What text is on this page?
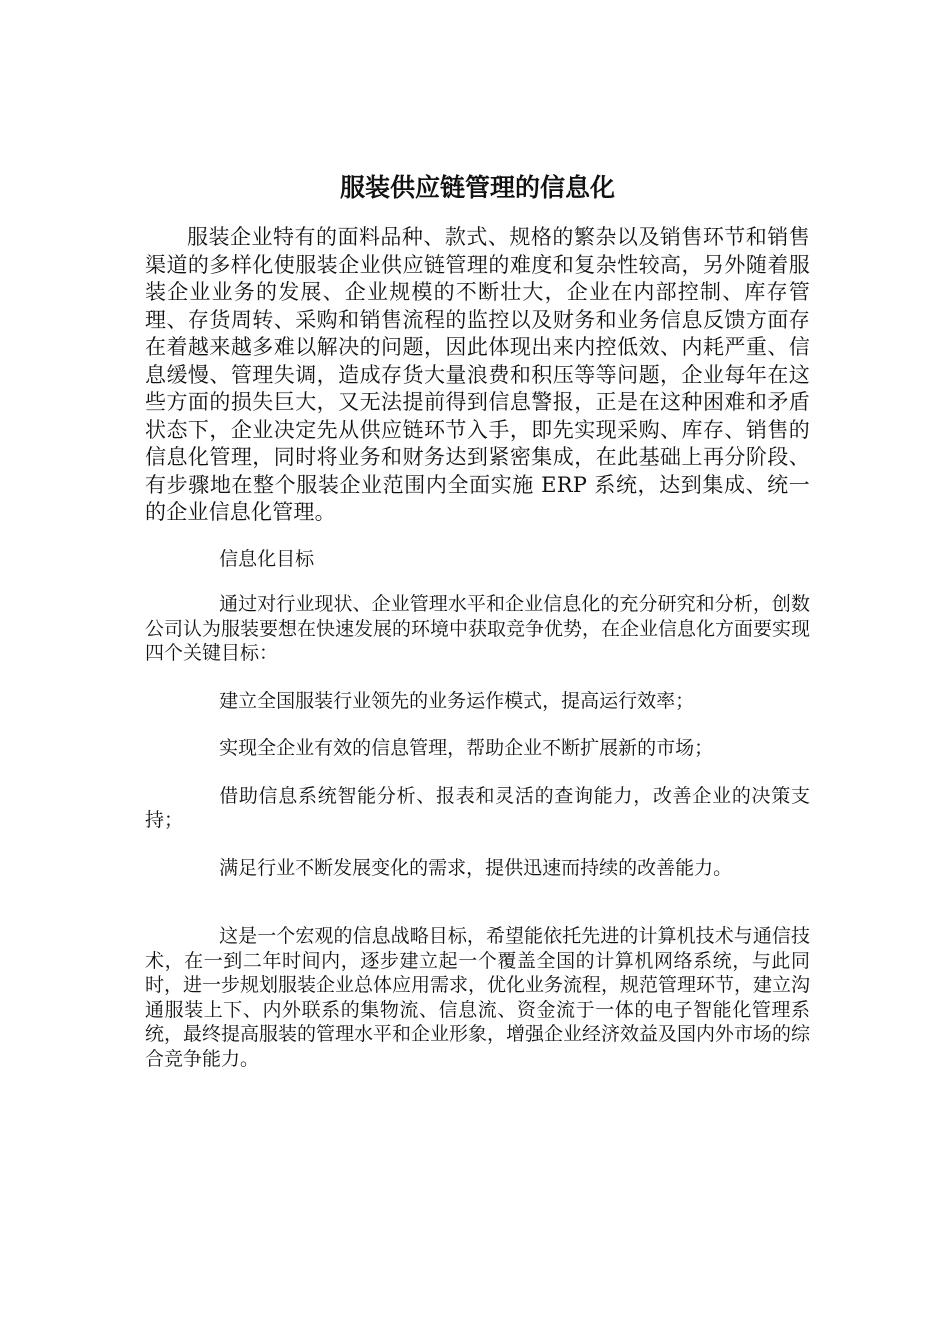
服装供应链管理的信息化

服装企业特有的面料品种、款式、规格的繁杂以及销售环节和销售渠道的多样化使服装企业供应链管理的难度和复杂性较高，另外随着服装企业业务的发展、企业规模的不断壮大，企业在内部控制、库存管理、存货周转、采购和销售流程的监控以及财务和业务信息反馈方面存在着越来越多难以解决的问题，因此体现出来内控低效、内耗严重、信息缓慢、管理失调，造成存货大量浪费和积压等等问题，企业每年在这些方面的损失巨大，又无法提前得到信息警报，正是在这种困难和矛盾状态下，企业决定先从供应链环节入手，即先实现采购、库存、销售的信息化管理，同时将业务和财务达到紧密集成，在此基础上再分阶段、有步骤地在整个服装企业范围内全面实施 ERP 系统，达到集成、统一的企业信息化管理。

信息化目标

通过对行业现状、企业管理水平和企业信息化的充分研究和分析，创数公司认为服装要想在快速发展的环境中获取竞争优势，在企业信息化方面要实现四个关键目标：

建立全国服装行业领先的业务运作模式，提高运行效率；

实现全企业有效的信息管理，帮助企业不断扩展新的市场；

借助信息系统智能分析、报表和灵活的查询能力，改善企业的决策支持；

满足行业不断发展变化的需求，提供迅速而持续的改善能力。

这是一个宏观的信息战略目标，希望能依托先进的计算机技术与通信技术，在一到二年时间内，逐步建立起一个覆盖全国的计算机网络系统，与此同时，进一步规划服装企业总体应用需求，优化业务流程，规范管理环节，建立沟通服装上下、内外联系的集物流、信息流、资金流于一体的电子智能化管理系统，最终提高服装的管理水平和企业形象，增强企业经济效益及国内外市场的综合竞争能力。
